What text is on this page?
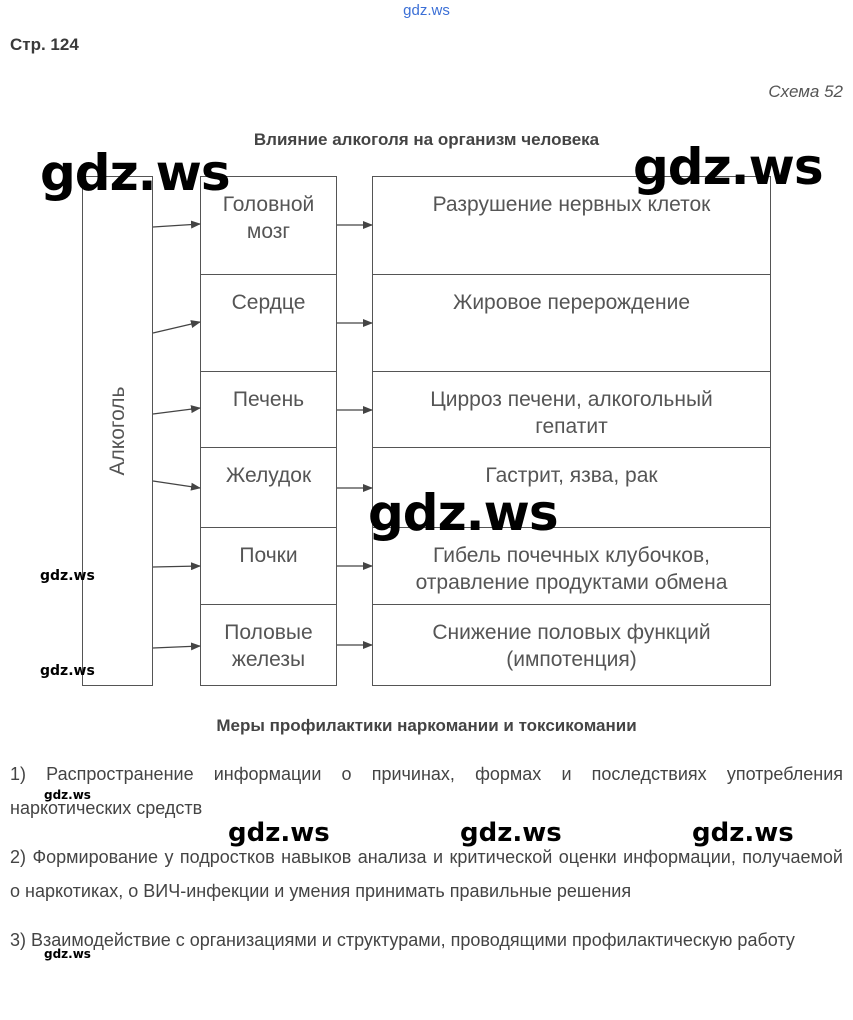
gdz.ws
Стр. 124
Схема 52
Влияние алкоголя на организм человека
Алкоголь
Головной
мозг
Сердце
Печень
Желудок
Почки
Половые
железы
Разрушение нервных клеток
Жировое перерождение
Цирроз печени, алкогольный
гепатит
Гастрит, язва, рак
Гибель почечных клубочков,
отравление продуктами обмена
Снижение половых функций
(импотенция)
gdz.ws	gdz.ws
gdz.ws
gdz.ws
gdz.ws
Меры профилактики наркомании и токсикомании
1) Распространение информации о причинах, формах и последствиях употребления наркотических средств
2) Формирование у подростков навыков анализа и критической оценки информации, получаемой о наркотиках, о ВИЧ-инфекции и умения принимать правильные решения
3) Взаимодействие с организациями и структурами, проводящими профилактическую работу
gdz.ws
gdz.ws	gdz.ws	gdz.ws
gdz.ws
